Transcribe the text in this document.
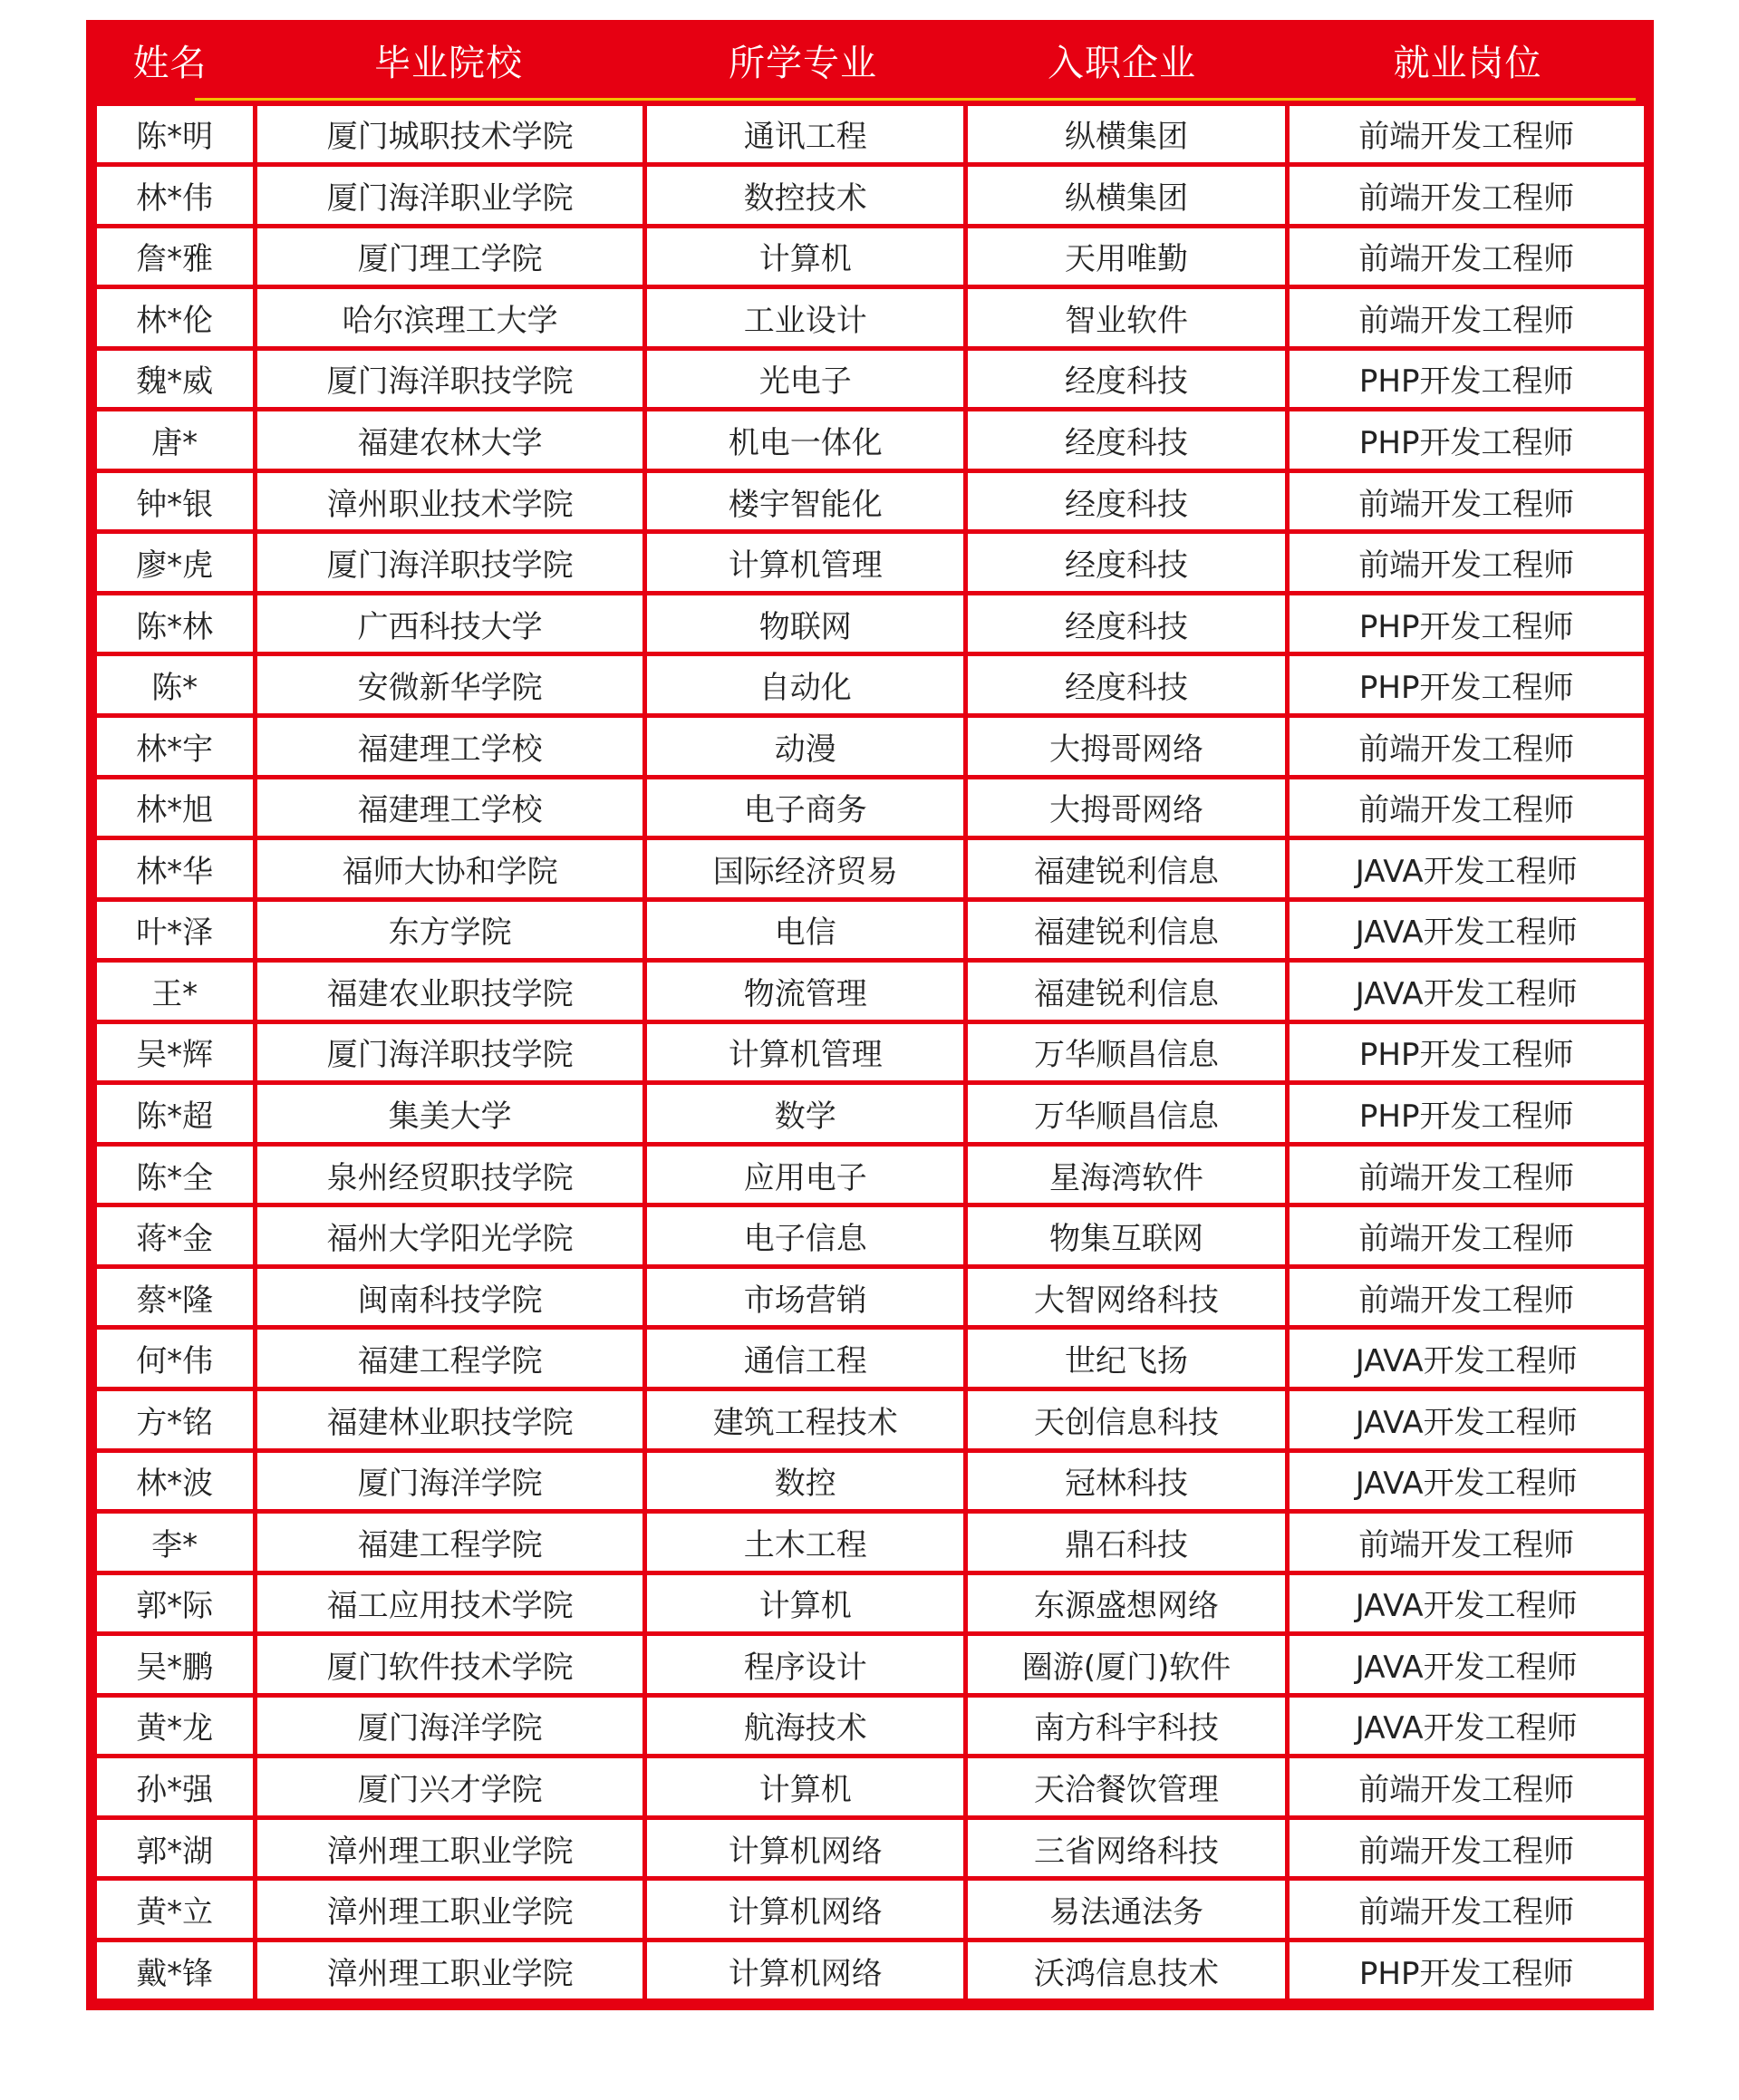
姓名	毕业院校	所学专业	入职企业	就业岗位
陈*明	厦门城职技术学院	通讯工程	纵横集团	前端开发工程师
林*伟	厦门海洋职业学院	数控技术	纵横集团	前端开发工程师
詹*雅	厦门理工学院	计算机	天用唯勤	前端开发工程师
林*伦	哈尔滨理工大学	工业设计	智业软件	前端开发工程师
魏*威	厦门海洋职技学院	光电子	经度科技	PHP开发工程师
唐*	福建农林大学	机电一体化	经度科技	PHP开发工程师
钟*银	漳州职业技术学院	楼宇智能化	经度科技	前端开发工程师
廖*虎	厦门海洋职技学院	计算机管理	经度科技	前端开发工程师
陈*林	广西科技大学	物联网	经度科技	PHP开发工程师
陈*	安微新华学院	自动化	经度科技	PHP开发工程师
林*宇	福建理工学校	动漫	大拇哥网络	前端开发工程师
林*旭	福建理工学校	电子商务	大拇哥网络	前端开发工程师
林*华	福师大协和学院	国际经济贸易	福建锐利信息	JAVA开发工程师
叶*泽	东方学院	电信	福建锐利信息	JAVA开发工程师
王*	福建农业职技学院	物流管理	福建锐利信息	JAVA开发工程师
吴*辉	厦门海洋职技学院	计算机管理	万华顺昌信息	PHP开发工程师
陈*超	集美大学	数学	万华顺昌信息	PHP开发工程师
陈*全	泉州经贸职技学院	应用电子	星海湾软件	前端开发工程师
蒋*金	福州大学阳光学院	电子信息	物集互联网	前端开发工程师
蔡*隆	闽南科技学院	市场营销	大智网络科技	前端开发工程师
何*伟	福建工程学院	通信工程	世纪飞扬	JAVA开发工程师
方*铭	福建林业职技学院	建筑工程技术	天创信息科技	JAVA开发工程师
林*波	厦门海洋学院	数控	冠林科技	JAVA开发工程师
李*	福建工程学院	土木工程	鼎石科技	前端开发工程师
郭*际	福工应用技术学院	计算机	东源盛想网络	JAVA开发工程师
吴*鹏	厦门软件技术学院	程序设计	圈游(厦门)软件	JAVA开发工程师
黄*龙	厦门海洋学院	航海技术	南方科宇科技	JAVA开发工程师
孙*强	厦门兴才学院	计算机	天洽餐饮管理	前端开发工程师
郭*湖	漳州理工职业学院	计算机网络	三省网络科技	前端开发工程师
黄*立	漳州理工职业学院	计算机网络	易法通法务	前端开发工程师
戴*锋	漳州理工职业学院	计算机网络	沃鸿信息技术	PHP开发工程师
